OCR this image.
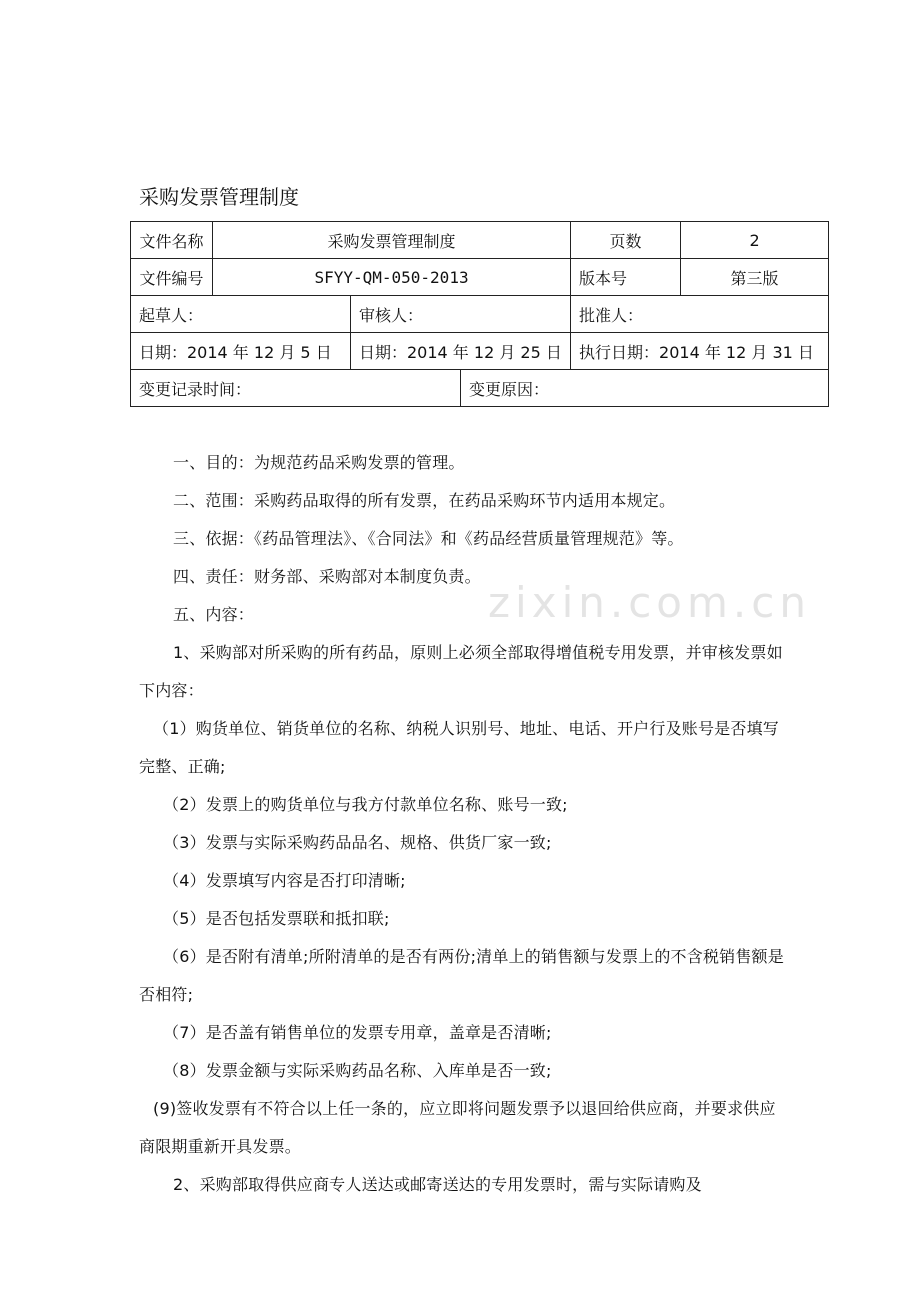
采购发票管理制度
文件名称	采购发票管理制度			页数	2
文件编号	SFYY-QM-050-2013			版本号	第三版
起草人：		审核人：		批准人：	
日期：2014 年 12 月 5 日		日期：2014 年 12 月 25 日		执行日期：2014 年 12 月 31 日	
变更记录时间：			变更原因：		
zixin.com.cn

一、目的：为规范药品采购发票的管理。

二、范围：采购药品取得的所有发票，在药品采购环节内适用本规定。

三、依据：《药品管理法》、《合同法》和《药品经营质量管理规范》等。

四、责任：财务部、采购部对本制度负责。

五、内容：

1、采购部对所采购的所有药品，原则上必须全部取得增值税专用发票，并审核发票如下内容：

（1）购货单位、销货单位的名称、纳税人识别号、地址、电话、开户行及账号是否填写完整、正确;

（2）发票上的购货单位与我方付款单位名称、账号一致;

（3）发票与实际采购药品品名、规格、供货厂家一致;

（4）发票填写内容是否打印清晰;

（5）是否包括发票联和抵扣联;

（6）是否附有清单;所附清单的是否有两份;清单上的销售额与发票上的不含税销售额是否相符;

（7）是否盖有销售单位的发票专用章，盖章是否清晰;

（8）发票金额与实际采购药品名称、入库单是否一致;

(9)签收发票有不符合以上任一条的，应立即将问题发票予以退回给供应商，并要求供应商限期重新开具发票。

2、采购部取得供应商专人送达或邮寄送达的专用发票时，需与实际请购及
